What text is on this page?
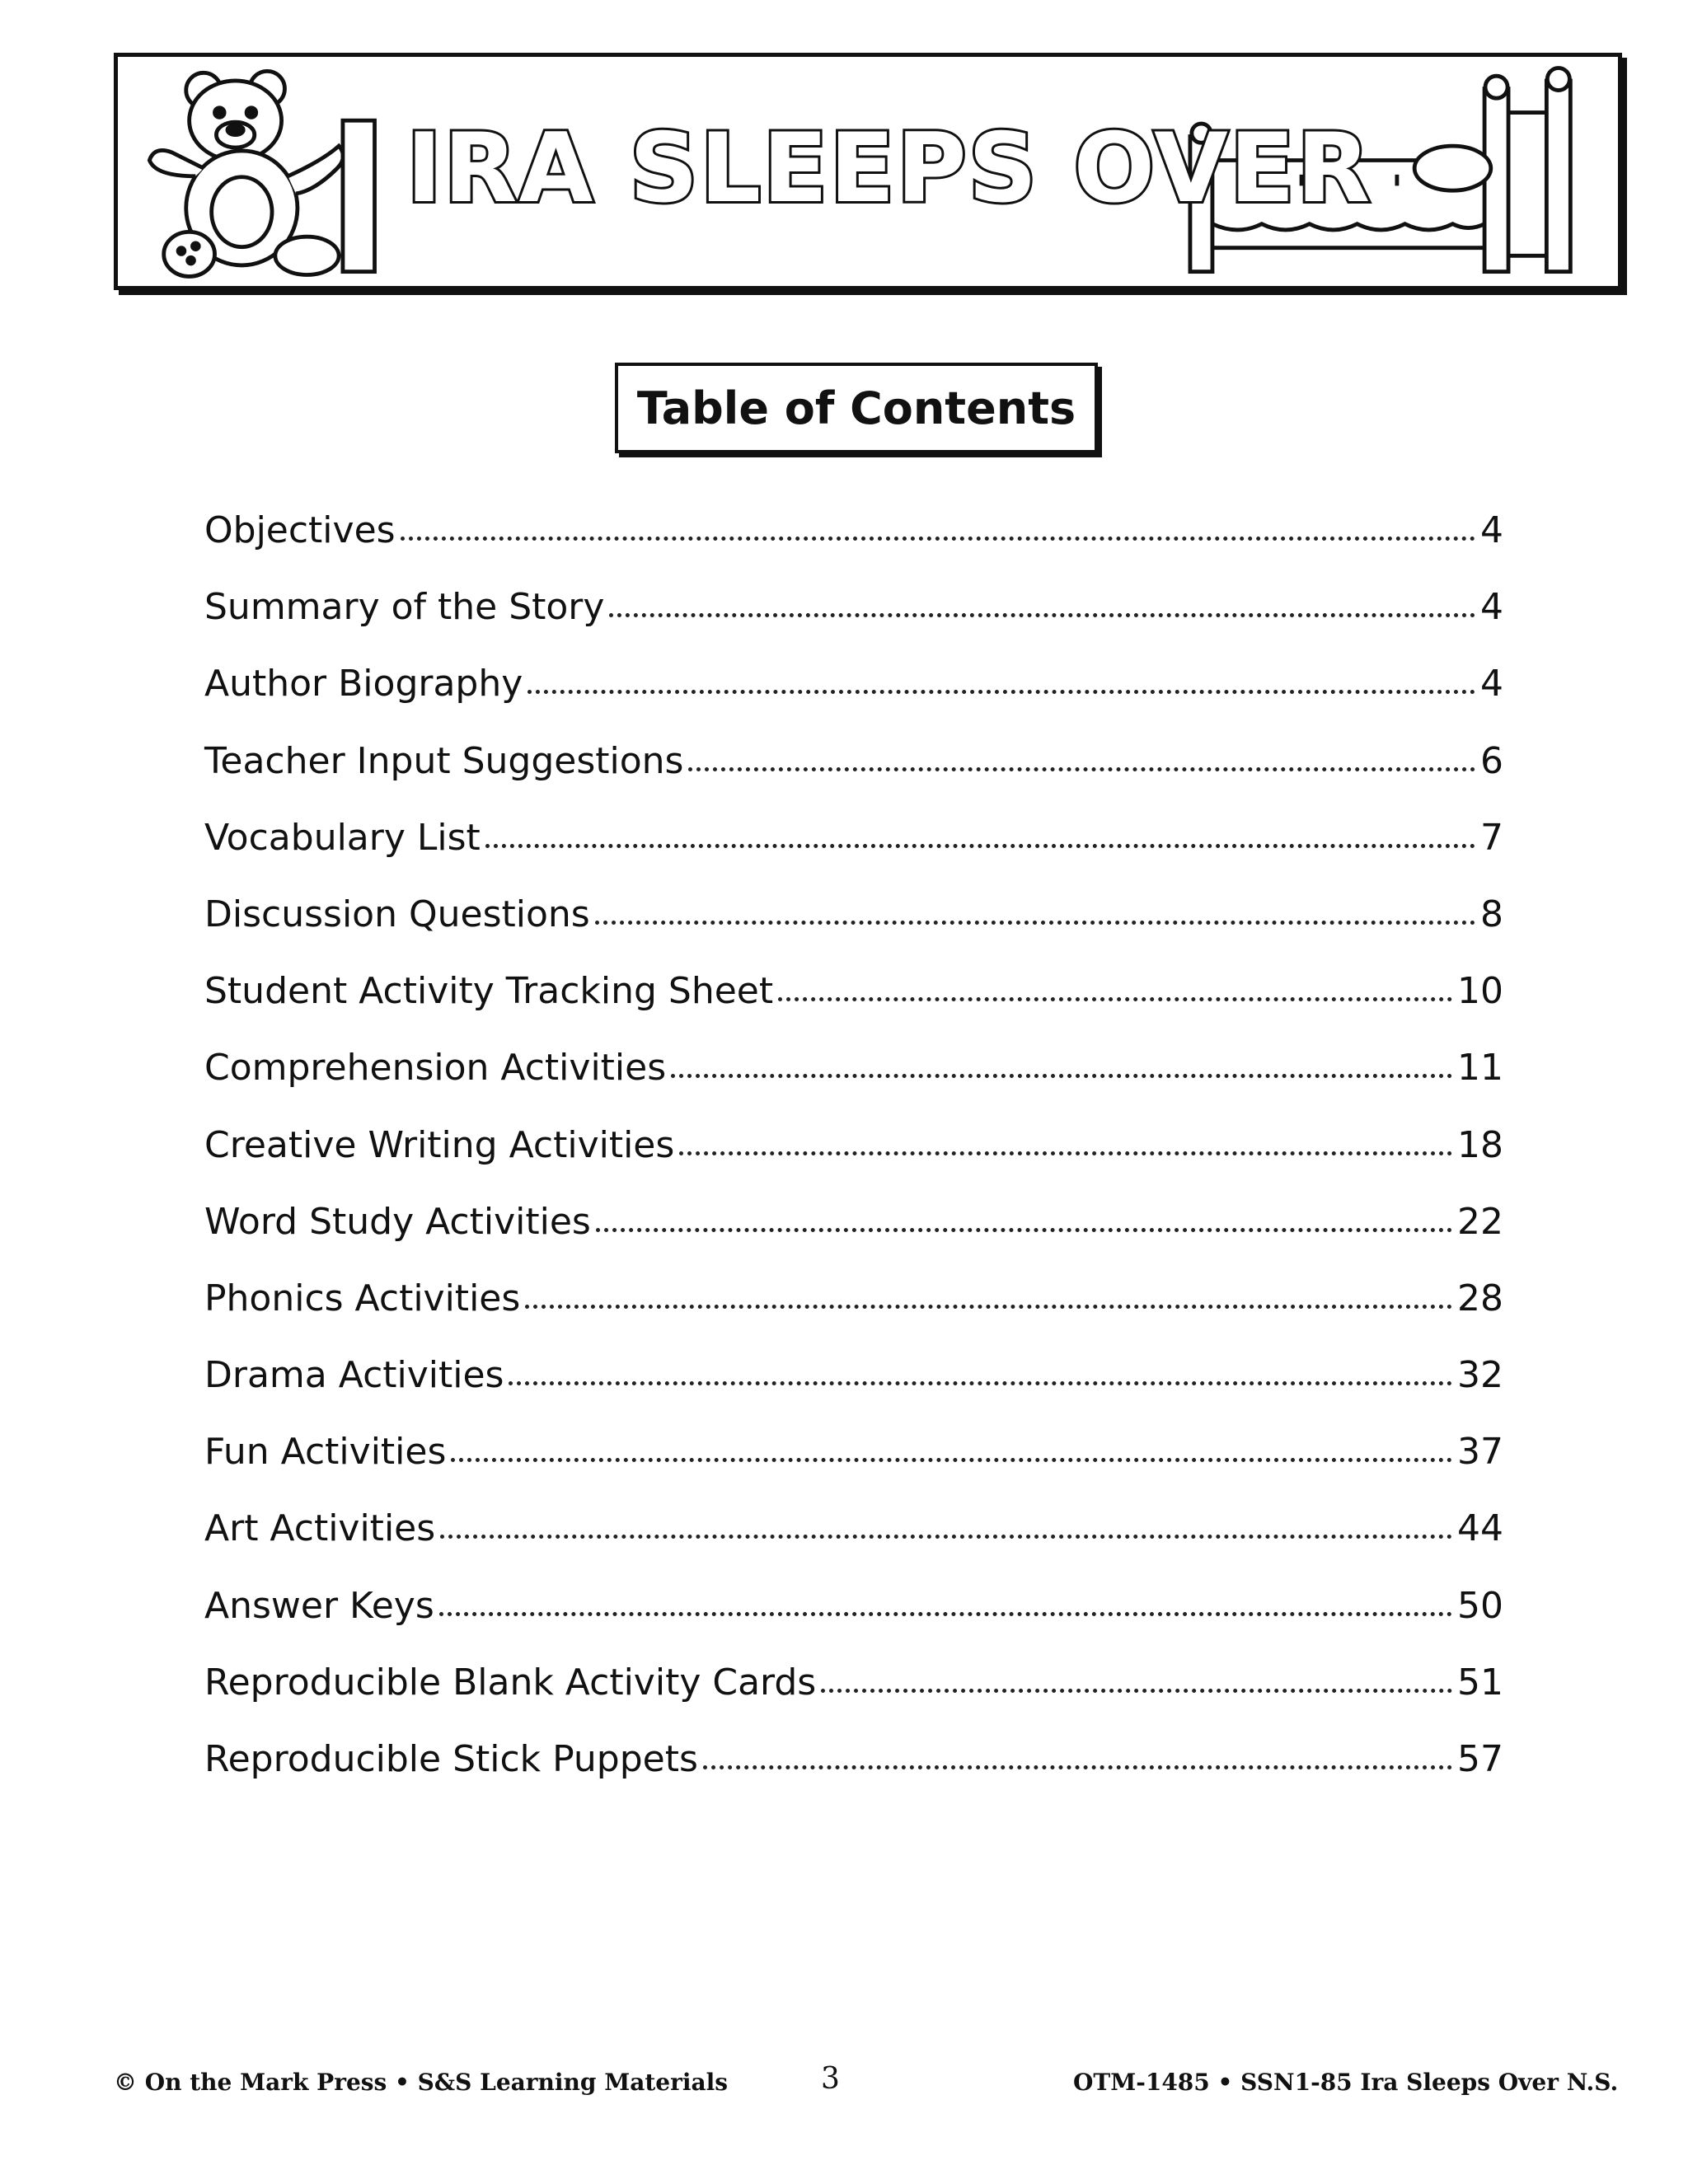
IRA SLEEPS OVER
Table of Contents
Objectives	4
Summary of the Story	4
Author Biography	4
Teacher Input Suggestions	6
Vocabulary List	7
Discussion Questions	8
Student Activity Tracking Sheet	10
Comprehension Activities	11
Creative Writing Activities	18
Word Study Activities	22
Phonics Activities	28
Drama Activities	32
Fun Activities	37
Art Activities	44
Answer Keys	50
Reproducible Blank Activity Cards	51
Reproducible Stick Puppets	57
© On the Mark Press • S&S Learning Materials	3	OTM-1485 • SSN1-85 Ira Sleeps Over N.S.
